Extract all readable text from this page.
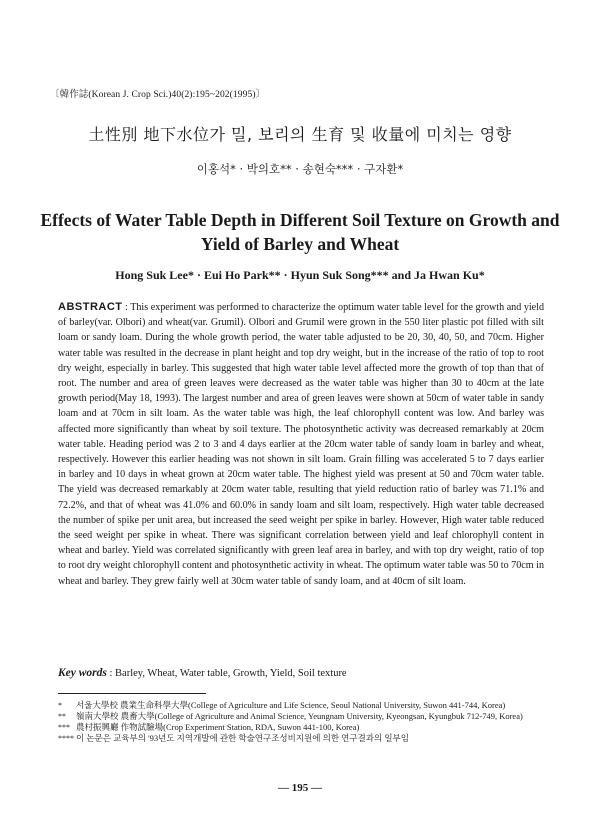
〔韓作誌(Korean J. Crop Sci.)40(2):195~202(1995)〕
土性別 地下水位가 밀, 보리의 生育 및 收量에 미치는 영향
이홍석* · 박의호** · 송현숙*** · 구자환*
Effects of Water Table Depth in Different Soil Texture on Growth and Yield of Barley and Wheat
Hong Suk Lee* · Eui Ho Park** · Hyun Suk Song*** and Ja Hwan Ku*
ABSTRACT : This experiment was performed to characterize the optimum water table level for the growth and yield of barley(var. Olbori) and wheat(var. Grumil). Olbori and Grumil were grown in the 550 liter plastic pot filled with silt loam or sandy loam. During the whole growth period, the water table adjusted to be 20, 30, 40, 50, and 70cm. Higher water table was resulted in the decrease in plant height and top dry weight, but in the increase of the ratio of top to root dry weight, especially in barley. This suggested that high water table level affected more the growth of top than that of root. The number and area of green leaves were decreased as the water table was higher than 30 to 40cm at the late growth period(May 18, 1993). The largest number and area of green leaves were shown at 50cm of water table in sandy loam and at 70cm in silt loam. As the water table was high, the leaf chlorophyll content was low. And barley was affected more significantly than wheat by soil texture. The photosynthetic activity was decreased remarkably at 20cm water table. Heading period was 2 to 3 and 4 days earlier at the 20cm water table of sandy loam in barley and wheat, respectively. However this earlier heading was not shown in silt loam. Grain filling was accelerated 5 to 7 days earlier in barley and 10 days in wheat grown at 20cm water table. The highest yield was present at 50 and 70cm water table. The yield was decreased remarkably at 20cm water table, resulting that yield reduction ratio of barley was 71.1% and 72.2%, and that of wheat was 41.0% and 60.0% in sandy loam and silt loam, respectively. High water table decreased the number of spike per unit area, but increased the seed weight per spike in barley. However, High water table reduced the seed weight per spike in wheat. There was significant correlation between yield and leaf chlorophyll content in wheat and barley. Yield was correlated significantly with green leaf area in barley, and with top dry weight, ratio of top to root dry weight chlorophyll content and photosynthetic activity in wheat. The optimum water table was 50 to 70cm in wheat and barley. They grew fairly well at 30cm water table of sandy loam, and at 40cm of silt loam.
Key words : Barley, Wheat, Water table, Growth, Yield, Soil texture
* 서울大學校 農業生命科學大學(College of Agriculture and Life Science, Seoul National University, Suwon 441-744, Korea)
** 嶺南大學校 農畜大學(College of Agriculture and Animal Science, Yeungnam University, Kyeongsan, Kyungbuk 712-749, Korea)
*** 農村振興廳 作物試驗場(Crop Experiment Station, RDA, Suwon 441-100, Korea)
**** 이 논문은 교육부의 '93년도 지역개발에 관한 학술연구조성비지원에 의한 연구결과의 일부임
— 195 —
